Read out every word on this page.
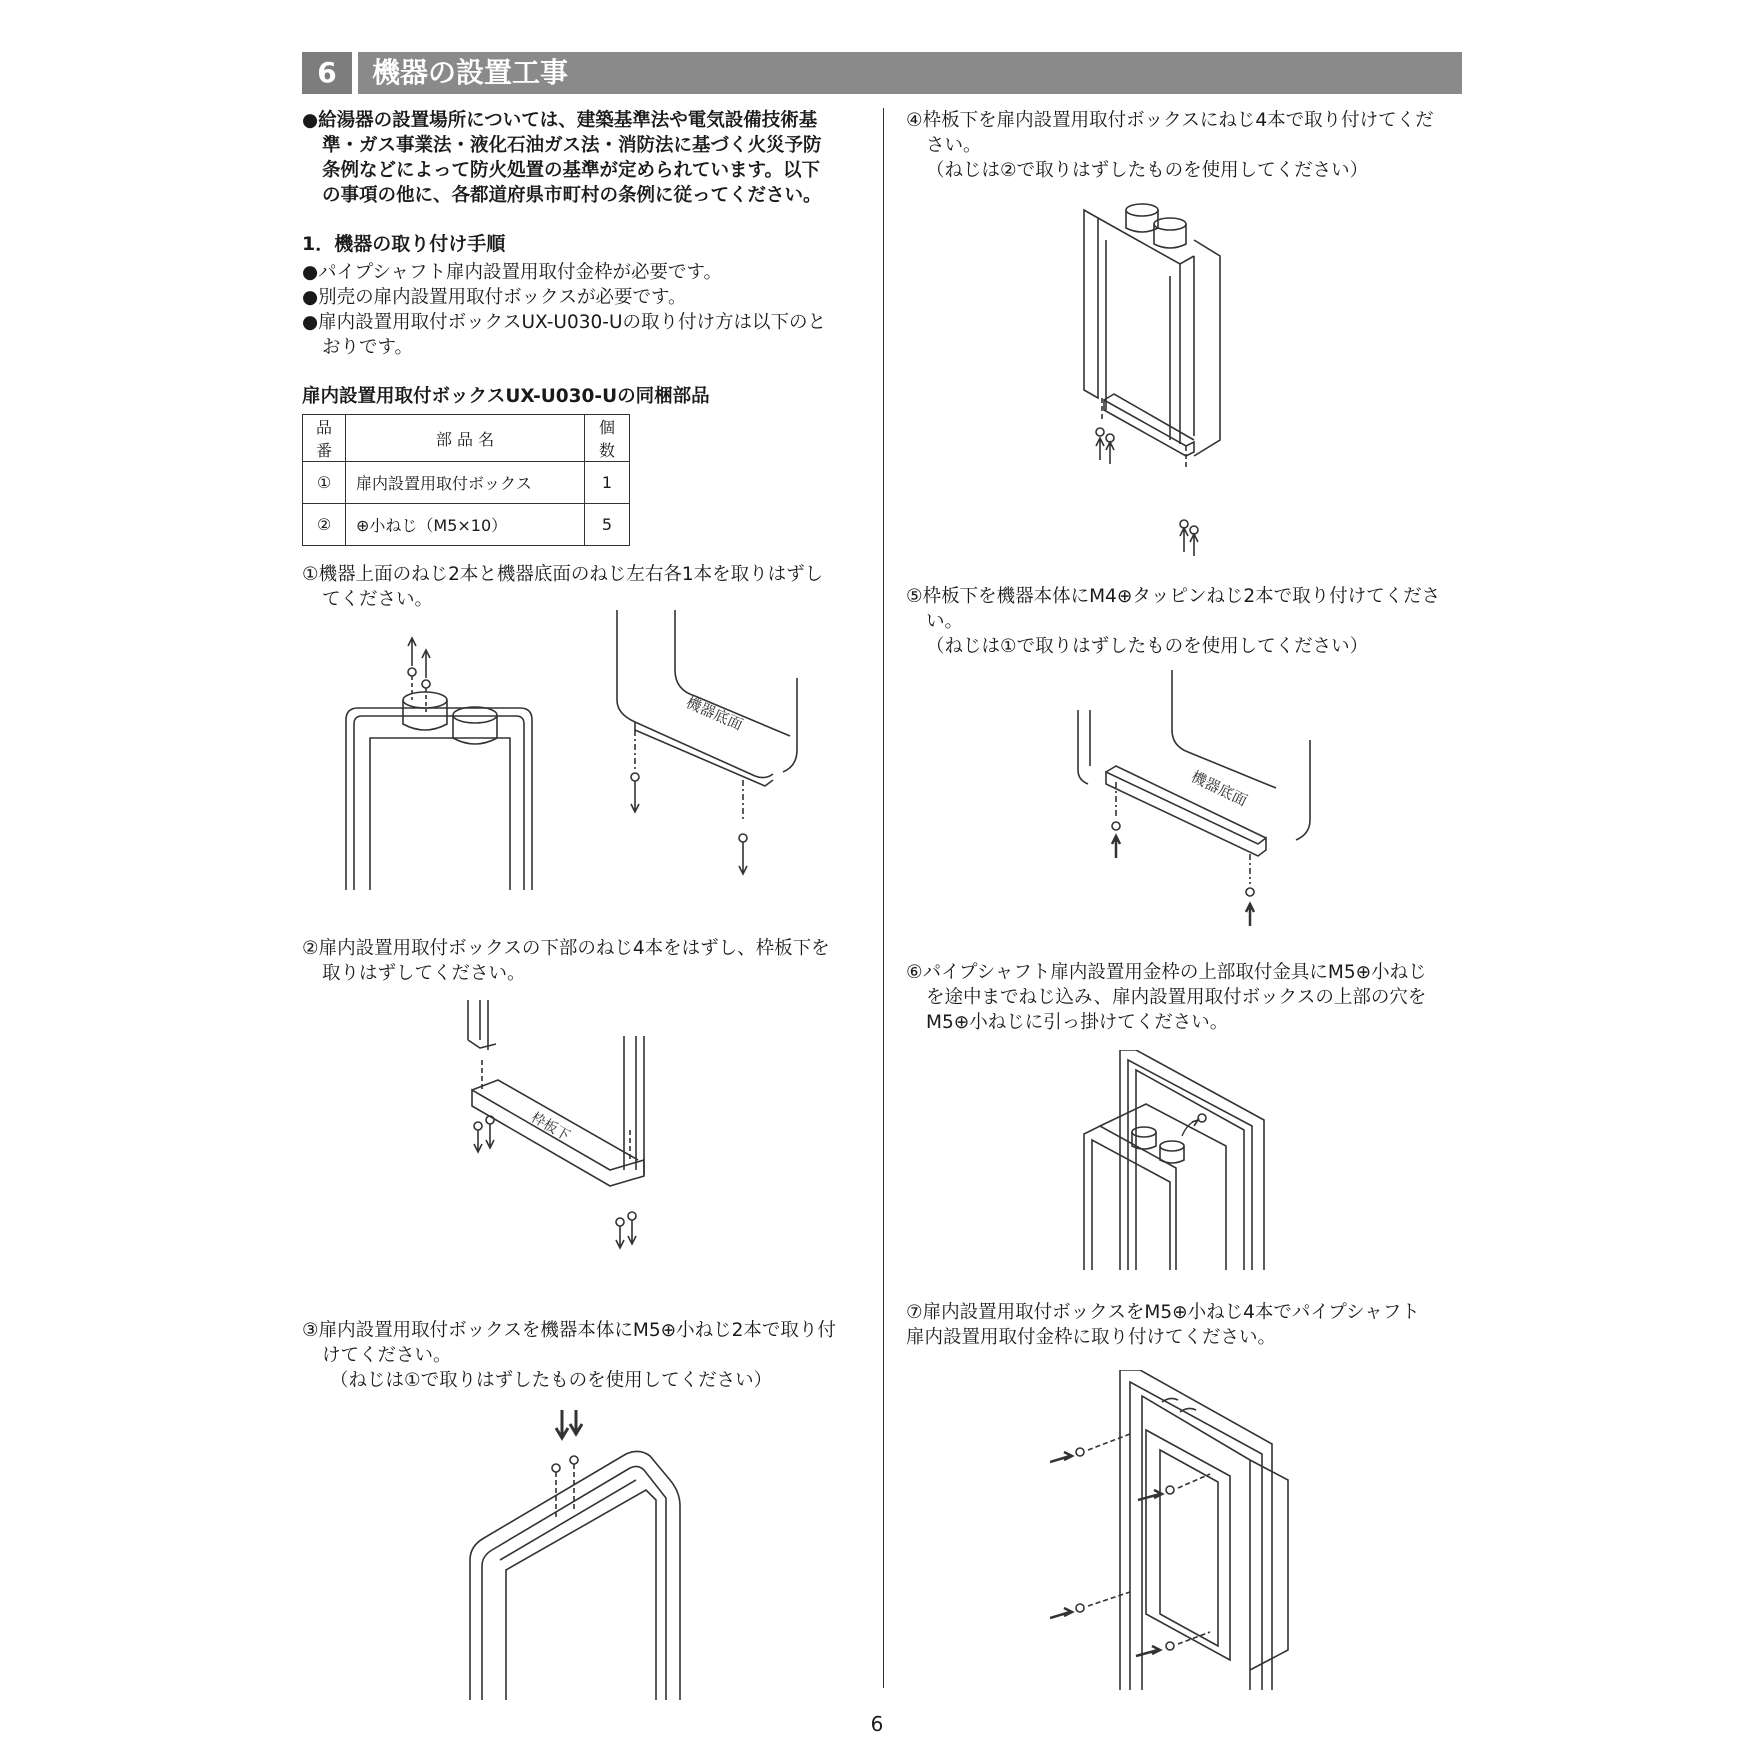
6	機器の設置工事
●給湯器の設置場所については、建築基準法や電気設備技術基
準・ガス事業法・液化石油ガス法・消防法に基づく火災予防
条例などによって防火処置の基準が定められています。以下
の事項の他に、各都道府県市町村の条例に従ってください。
1．機器の取り付け手順
●パイプシャフト扉内設置用取付金枠が必要です。
●別売の扉内設置用取付ボックスが必要です。
●扉内設置用取付ボックスUX-U030-Uの取り付け方は以下のと
おりです。
扉内設置用取付ボックスUX-U030-Uの同梱部品
品番	部 品 名	個数
①	扉内設置用取付ボックス	1
②	⊕小ねじ（M5×10）	5
①機器上面のねじ2本と機器底面のねじ左右各1本を取りはずし
てください。
機器底面
②扉内設置用取付ボックスの下部のねじ4本をはずし、枠板下を
取りはずしてください。
枠板下
③扉内設置用取付ボックスを機器本体にM5⊕小ねじ2本で取り付
けてください。
（ねじは①で取りはずしたものを使用してください）
④枠板下を扉内設置用取付ボックスにねじ4本で取り付けてくだ
さい。
（ねじは②で取りはずしたものを使用してください）
⑤枠板下を機器本体にM4⊕タッピンねじ2本で取り付けてくださ
い。
（ねじは①で取りはずしたものを使用してください）
機器底面
⑥パイプシャフト扉内設置用金枠の上部取付金具にM5⊕小ねじ
を途中までねじ込み、扉内設置用取付ボックスの上部の穴を
M5⊕小ねじに引っ掛けてください。
⑦扉内設置用取付ボックスをM5⊕小ねじ4本でパイプシャフト
扉内設置用取付金枠に取り付けてください。
6
